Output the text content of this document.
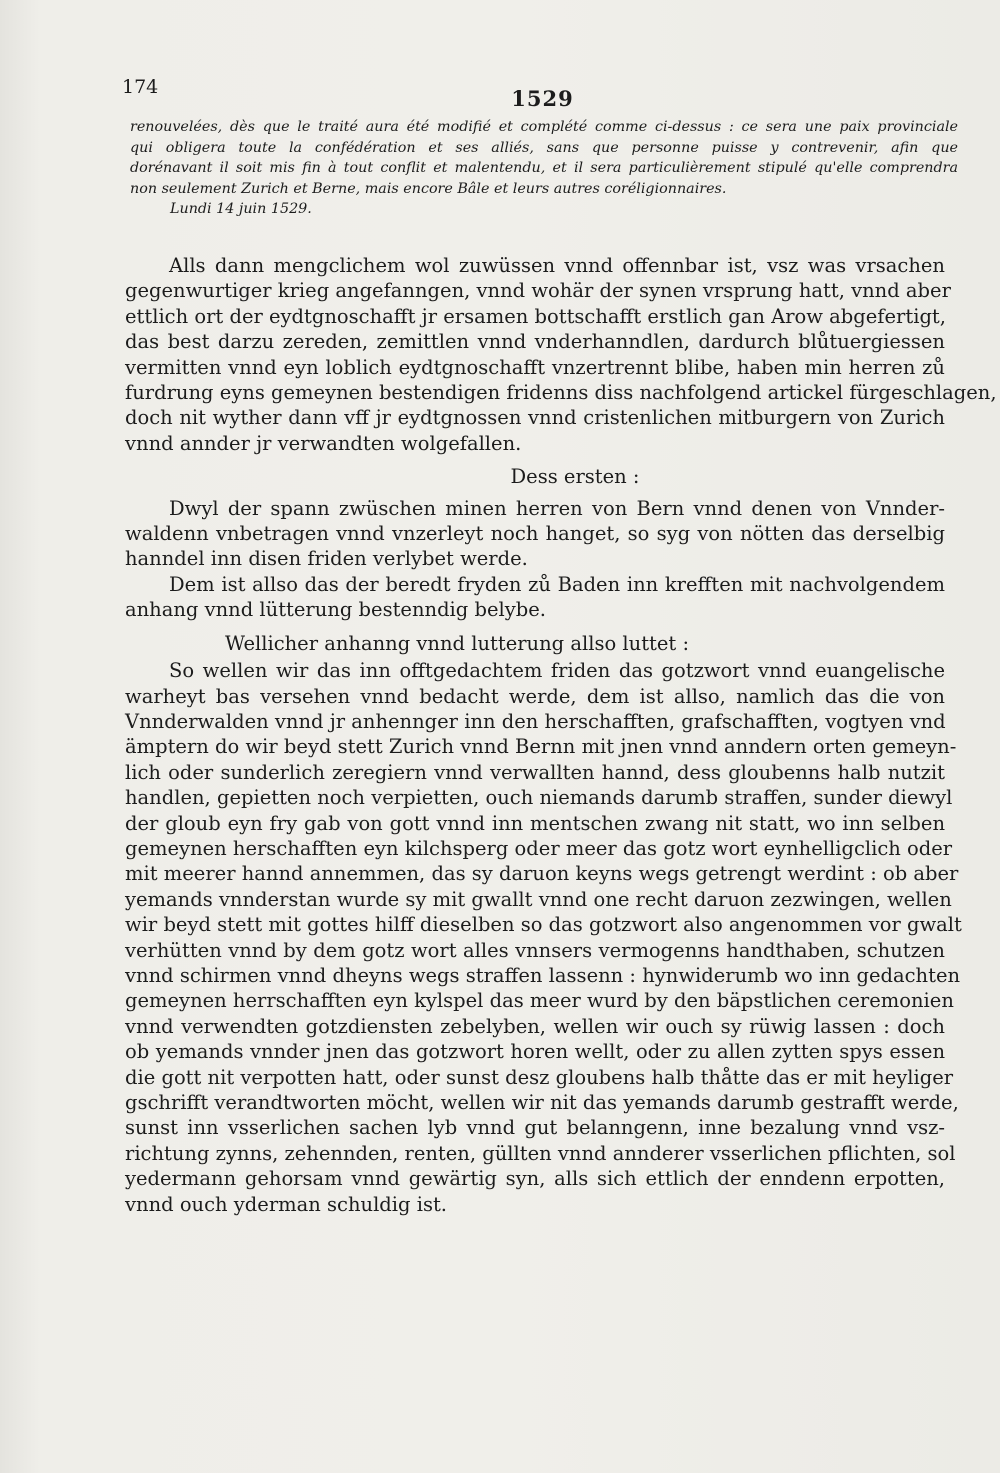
174	1529
renouvelées, dès que le traité aura été modifié et complété comme ci-dessus : ce sera une paix provinciale
qui obligera toute la confédération et ses alliés, sans que personne puisse y contrevenir, afin que
dorénavant il soit mis fin à tout conflit et malentendu, et il sera particulièrement stipulé qu'elle comprendra
non seulement Zurich et Berne, mais encore Bâle et leurs autres coréligionnaires.
Lundi 14 juin 1529.
Alls dann mengclichem wol zuwüssen vnnd offennbar ist, vsz was vrsachen
gegenwurtiger krieg angefanngen, vnnd wohär der synen vrsprung hatt, vnnd aber
ettlich ort der eydtgnoschafft jr ersamen bottschafft erstlich gan Arow abgefertigt,
das best darzu zereden, zemittlen vnnd vnderhanndlen, dardurch blůtuergiessen
vermitten vnnd eyn loblich eydtgnoschafft vnzertrennt blibe, haben min herren zů
furdrung eyns gemeynen bestendigen fridenns diss nachfolgend artickel fürgeschlagen,
doch nit wyther dann vff jr eydtgnossen vnnd cristenlichen mitburgern von Zurich
vnnd annder jr verwandten wolgefallen.
Dess ersten :
Dwyl der spann zwüschen minen herren von Bern vnnd denen von Vnnder-
waldenn vnbetragen vnnd vnzerleyt noch hanget, so syg von nötten das derselbig
hanndel inn disen friden verlybet werde.
Dem ist allso das der beredt fryden zů Baden inn krefften mit nachvolgendem
anhang vnnd lütterung bestenndig belybe.
Wellicher anhanng vnnd lutterung allso luttet :
So wellen wir das inn offtgedachtem friden das gotzwort vnnd euangelische
warheyt bas versehen vnnd bedacht werde, dem ist allso, namlich das die von
Vnnderwalden vnnd jr anhennger inn den herschafften, grafschafften, vogtyen vnd
ämptern do wir beyd stett Zurich vnnd Bernn mit jnen vnnd anndern orten gemeyn-
lich oder sunderlich zeregiern vnnd verwallten hannd, dess gloubenns halb nutzit
handlen, gepietten noch verpietten, ouch niemands darumb straffen, sunder diewyl
der gloub eyn fry gab von gott vnnd inn mentschen zwang nit statt, wo inn selben
gemeynen herschafften eyn kilchsperg oder meer das gotz wort eynhelligclich oder
mit meerer hannd annemmen, das sy daruon keyns wegs getrengt werdint : ob aber
yemands vnnderstan wurde sy mit gwallt vnnd one recht daruon zezwingen, wellen
wir beyd stett mit gottes hilff dieselben so das gotzwort also angenommen vor gwalt
verhütten vnnd by dem gotz wort alles vnnsers vermogenns handthaben, schutzen
vnnd schirmen vnnd dheyns wegs straffen lassenn : hynwiderumb wo inn gedachten
gemeynen herrschafften eyn kylspel das meer wurd by den bäpstlichen ceremonien
vnnd verwendten gotzdiensten zebelyben, wellen wir ouch sy rüwig lassen : doch
ob yemands vnnder jnen das gotzwort horen wellt, oder zu allen zytten spys essen
die gott nit verpotten hatt, oder sunst desz gloubens halb thåtte das er mit heyliger
gschrifft verandtworten möcht, wellen wir nit das yemands darumb gestrafft werde,
sunst inn vsserlichen sachen lyb vnnd gut belanngenn, inne bezalung vnnd vsz-
richtung zynns, zehennden, renten, güllten vnnd annderer vsserlichen pflichten, sol
yedermann gehorsam vnnd gewärtig syn, alls sich ettlich der enndenn erpotten,
vnnd ouch yderman schuldig ist.
